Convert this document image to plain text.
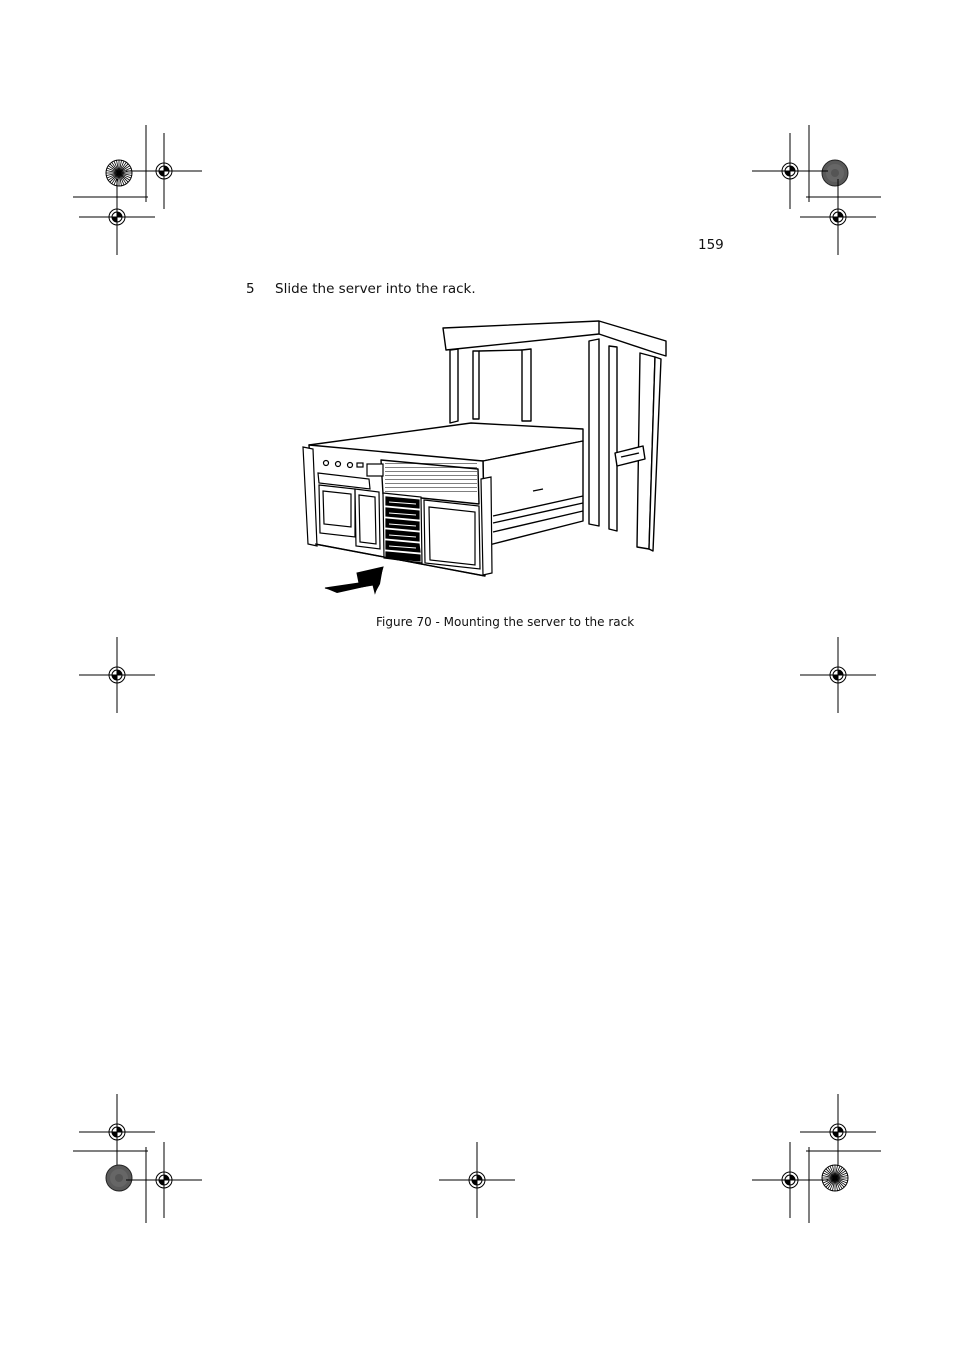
159
5 Slide the server into the rack.
Figure 70 - Mounting the server to the rack
